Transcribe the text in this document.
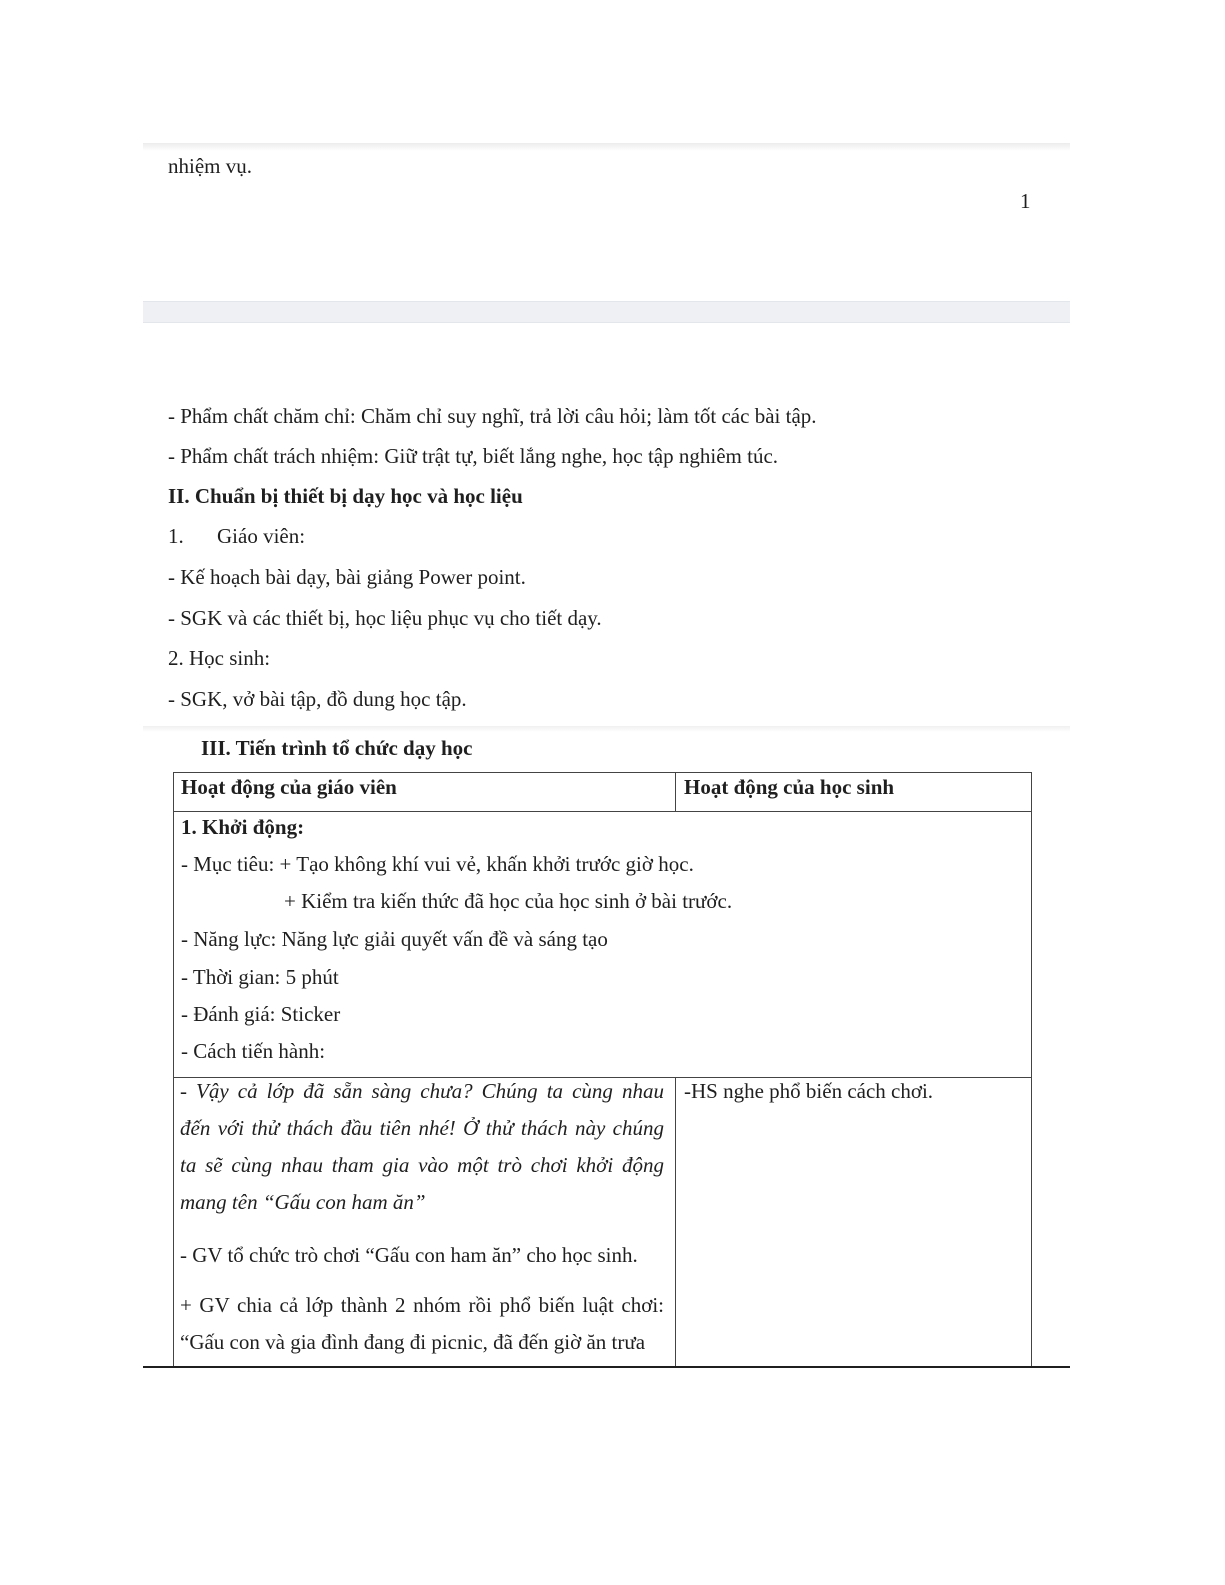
nhiệm vụ.
1
- Phẩm chất chăm chỉ: Chăm chỉ suy nghĩ, trả lời câu hỏi; làm tốt các bài tập.
- Phẩm chất trách nhiệm: Giữ trật tự, biết lắng nghe, học tập nghiêm túc.
II. Chuẩn bị thiết bị dạy học và học liệu
1. Giáo viên:
- Kế hoạch bài dạy, bài giảng Power point.
- SGK và các thiết bị, học liệu phục vụ cho tiết dạy.
2. Học sinh:
- SGK, vở bài tập, đồ dung học tập.
III. Tiến trình tổ chức dạy học
Hoạt động của giáo viên	Hoạt động của học sinh
1. Khởi động:
- Mục tiêu: + Tạo không khí vui vẻ, khấn khởi trước giờ học.
+ Kiểm tra kiến thức đã học của học sinh ở bài trước.
- Năng lực: Năng lực giải quyết vấn đề và sáng tạo
- Thời gian: 5 phút
- Đánh giá: Sticker
- Cách tiến hành:
- Vậy cả lớp đã sẵn sàng chưa? Chúng ta cùng nhau
đến với thử thách đầu tiên nhé! Ở thử thách này chúng
ta sẽ cùng nhau tham gia vào một trò chơi khởi động
mang tên “Gấu con ham ăn”
- GV tổ chức trò chơi “Gấu con ham ăn” cho học sinh.
+ GV chia cả lớp thành 2 nhóm rồi phổ biến luật chơi:
“Gấu con và gia đình đang đi picnic, đã đến giờ ăn trưa
-HS nghe phổ biến cách chơi.
